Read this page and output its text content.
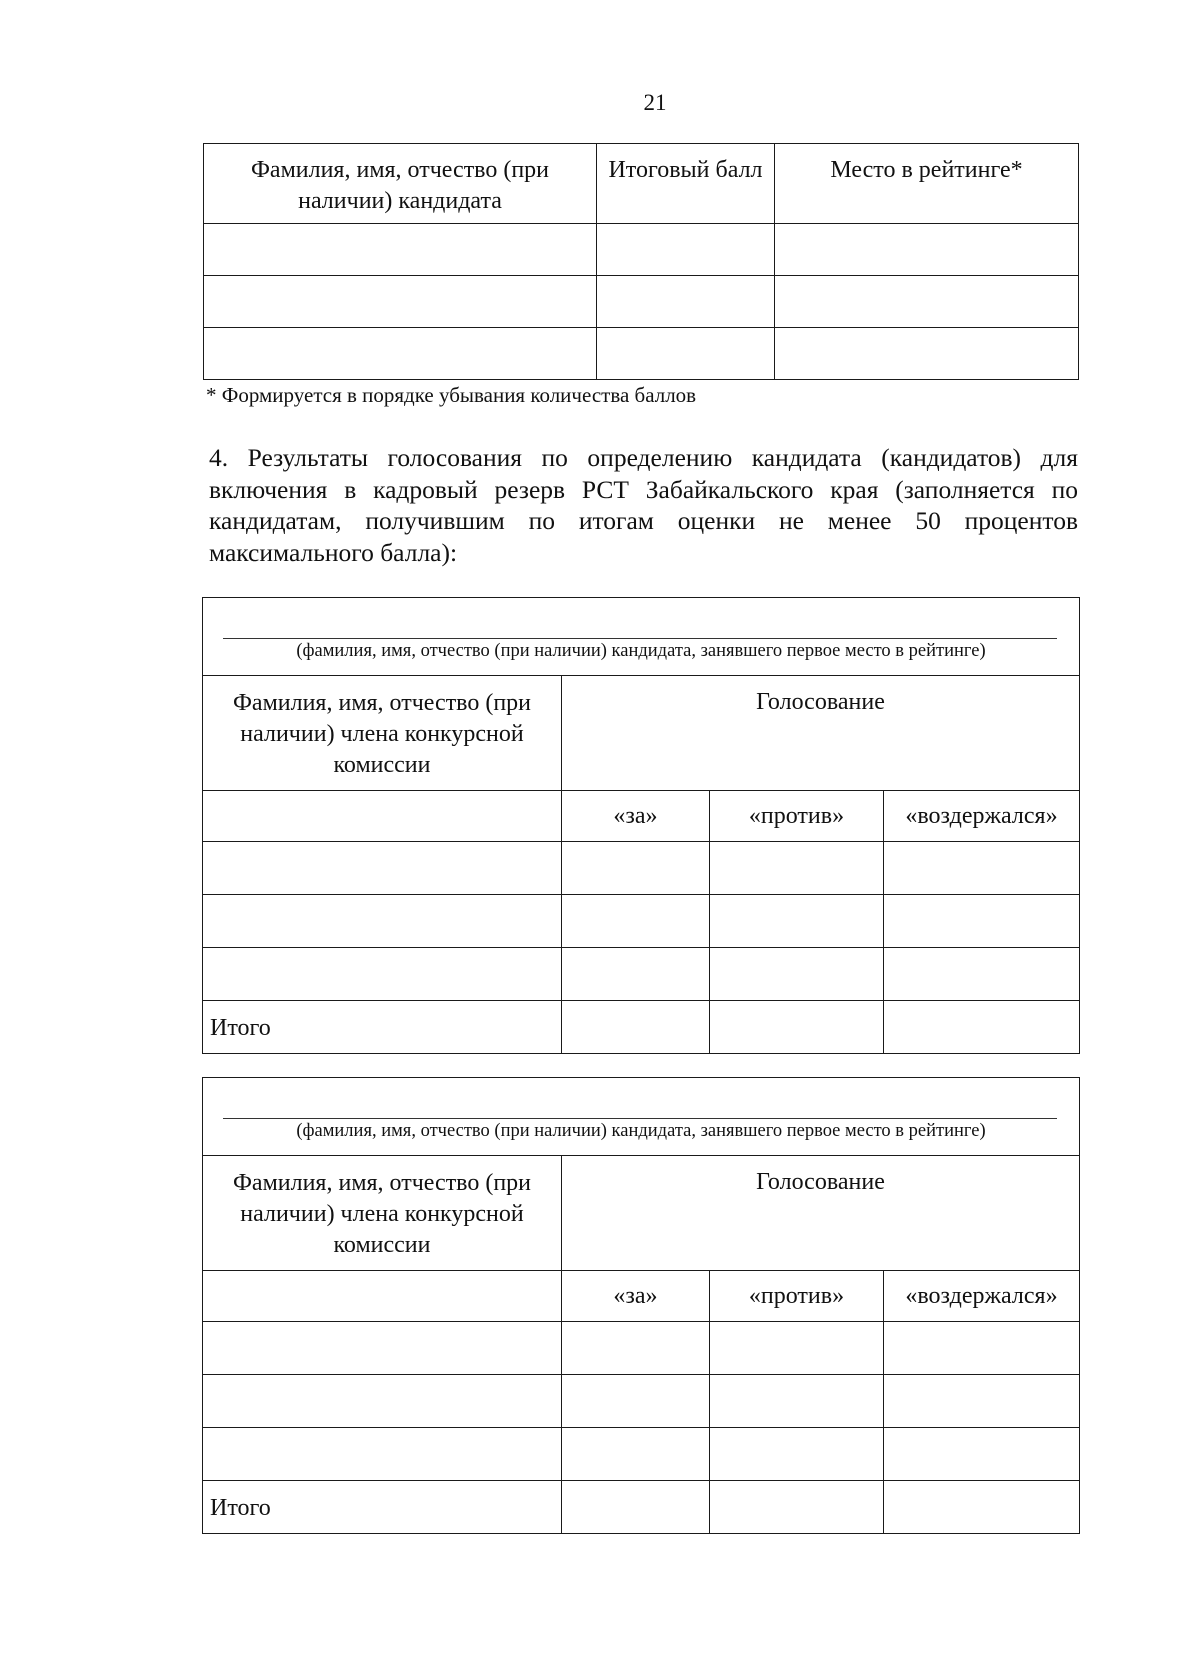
21
Фамилия, имя, отчество (при наличии) кандидата	Итоговый балл	Место в рейтинге*

* Формируется в порядке убывания количества баллов
4. Результаты голосования по определению кандидата (кандидатов) для включения в кадровый резерв РСТ Забайкальского края (заполняется по кандидатам, получившим по итогам оценки не менее 50 процентов максимального балла):
(фамилия, имя, отчество (при наличии) кандидата, занявшего первое место в рейтинге)			

Фамилия, имя, отчество (при наличии) члена конкурсной комиссии	Голосование		

	«за»	«против»	«воздержался»

Итого			
(фамилия, имя, отчество (при наличии) кандидата, занявшего первое место в рейтинге)			

Фамилия, имя, отчество (при наличии) члена конкурсной комиссии	Голосование		

	«за»	«против»	«воздержался»

Итого			
